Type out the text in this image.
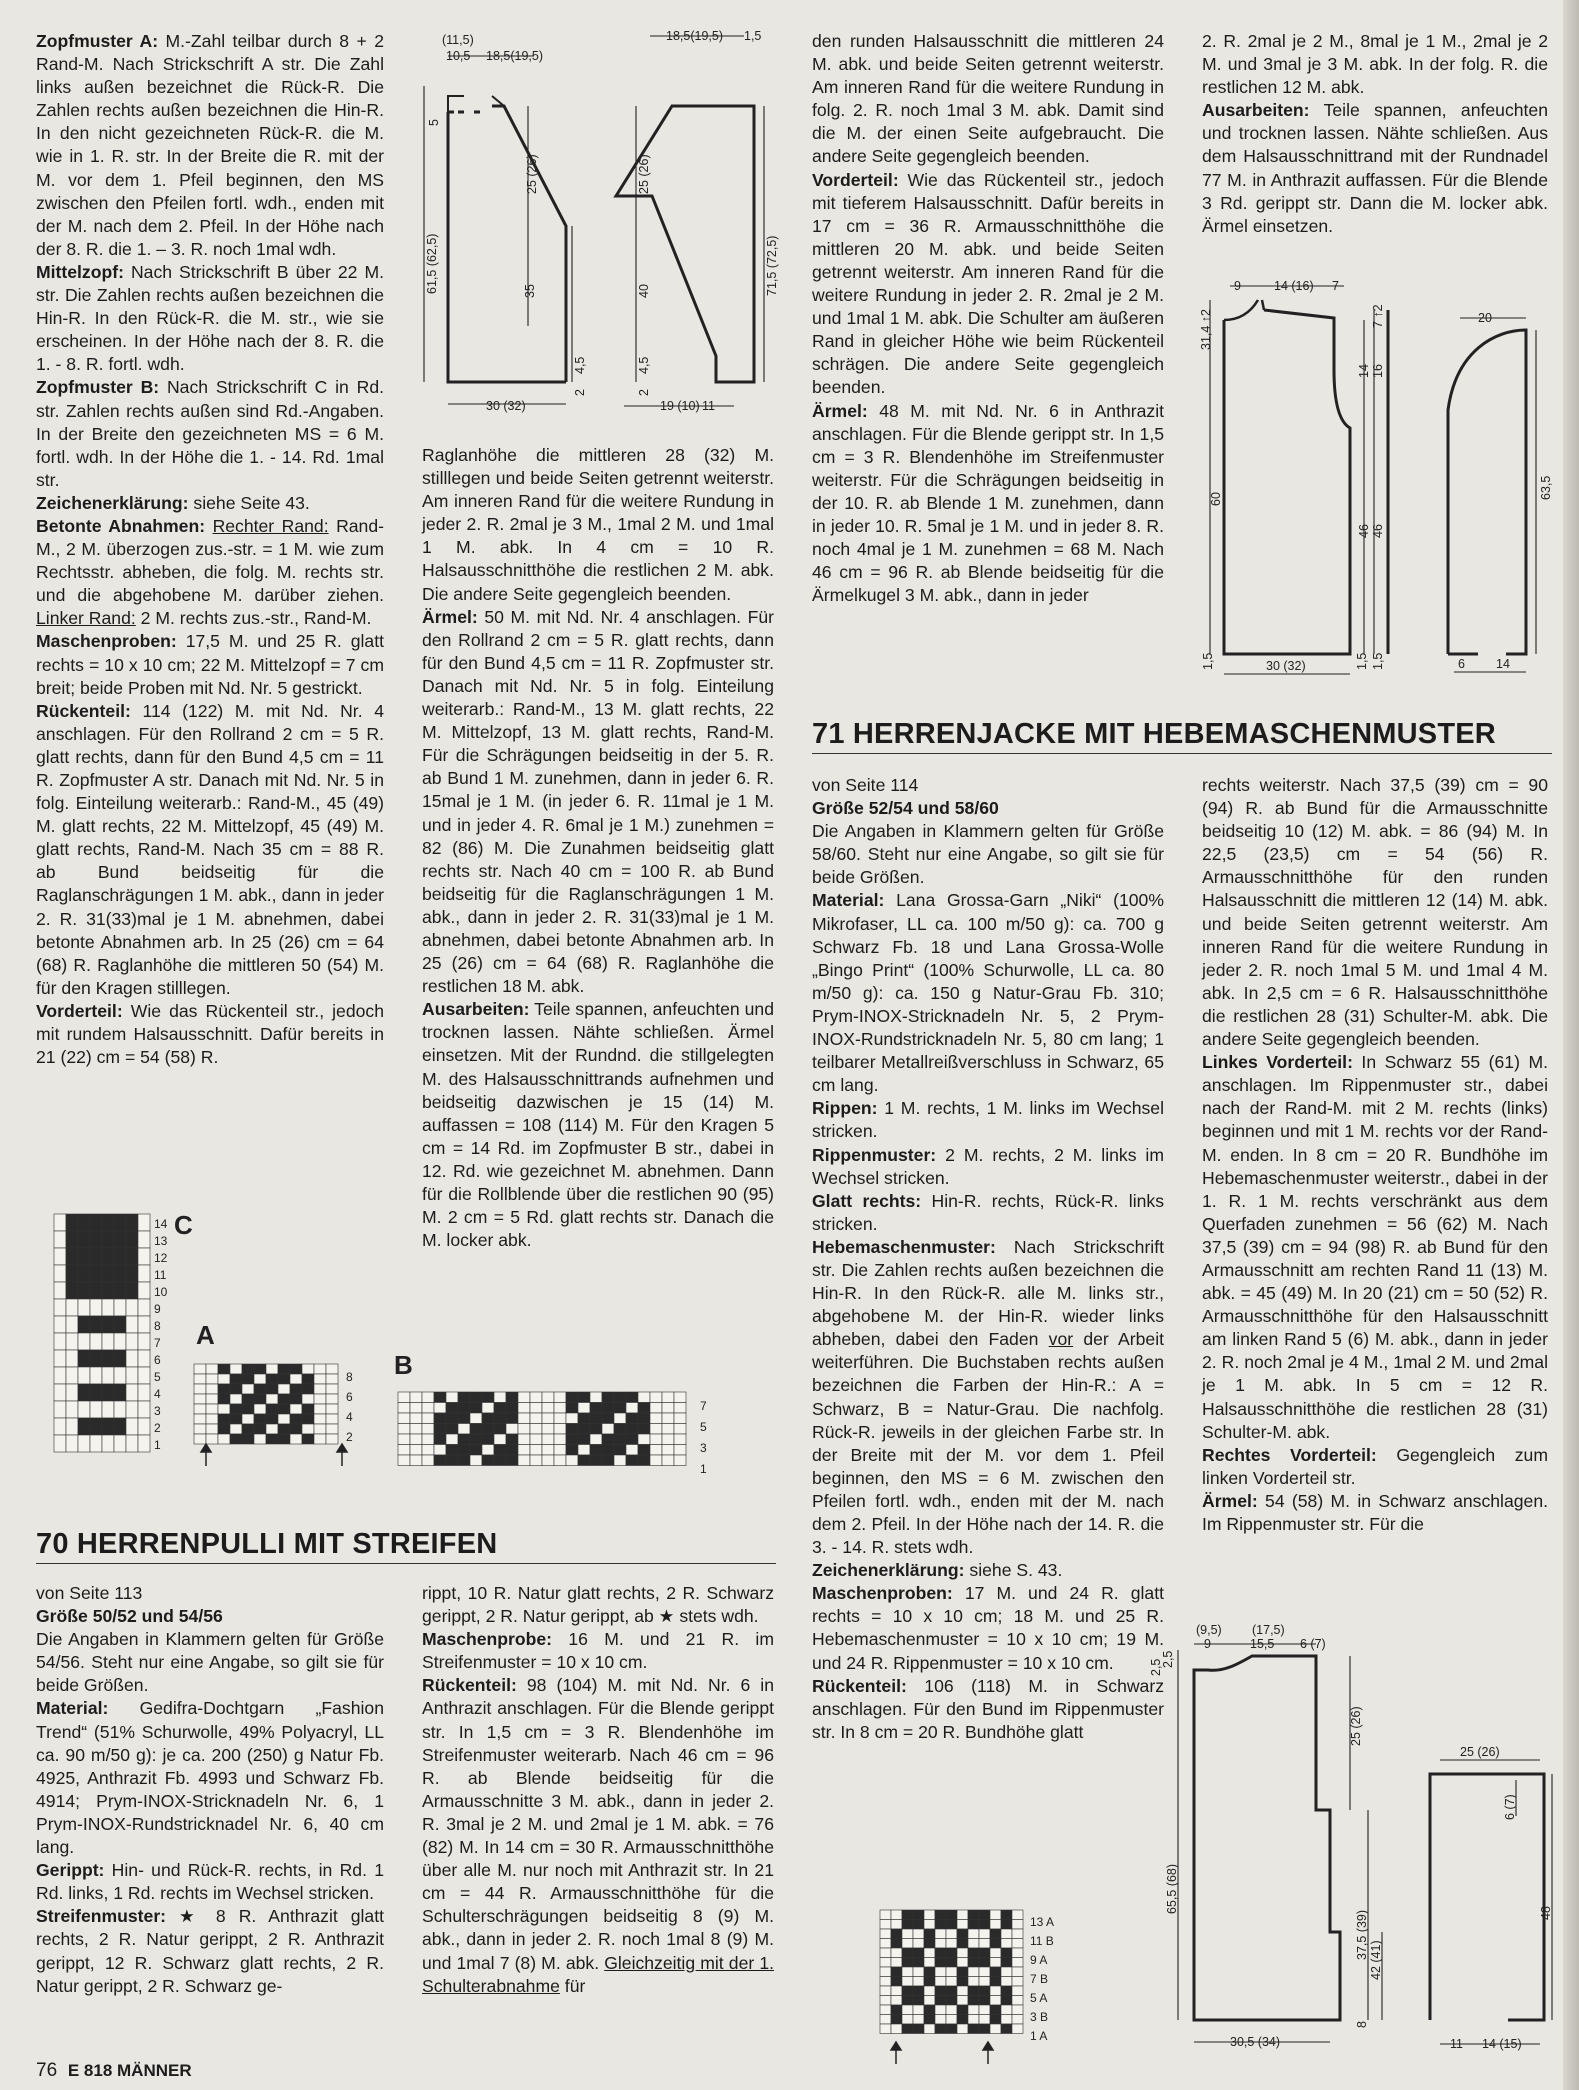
Zopfmuster A: M.-Zahl teilbar durch 8 + 2 Rand-M. Nach Strickschrift A str. Die Zahl links außen bezeichnet die Rück-R. Die Zahlen rechts außen bezeichnen die Hin-R. In den nicht gezeichneten Rück-R. die M. wie in 1. R. str. In der Breite die R. mit der M. vor dem 1. Pfeil beginnen, den MS zwischen den Pfeilen fortl. wdh., enden mit der M. nach dem 2. Pfeil. In der Höhe nach der 8. R. die 1. – 3. R. noch 1mal wdh.

Mittelzopf: Nach Strickschrift B über 22 M. str. Die Zahlen rechts außen bezeichnen die Hin-R. In den Rück-R. die M. str., wie sie erscheinen. In der Höhe nach der 8. R. die 1. - 8. R. fortl. wdh.

Zopfmuster B: Nach Strickschrift C in Rd. str. Zahlen rechts außen sind Rd.-Angaben. In der Breite den gezeichneten MS = 6 M. fortl. wdh. In der Höhe die 1. - 14. Rd. 1mal str.

Zeichenerklärung: siehe Seite 43.

Betonte Abnahmen: Rechter Rand: Rand-M., 2 M. überzogen zus.-str. = 1 M. wie zum Rechtsstr. abheben, die folg. M. rechts str. und die abgehobene M. darüber ziehen. Linker Rand: 2 M. rechts zus.-str., Rand-M.

Maschenproben: 17,5 M. und 25 R. glatt rechts = 10 x 10 cm; 22 M. Mittelzopf = 7 cm breit; beide Proben mit Nd. Nr. 5 gestrickt.

Rückenteil: 114 (122) M. mit Nd. Nr. 4 anschlagen. Für den Rollrand 2 cm = 5 R. glatt rechts, dann für den Bund 4,5 cm = 11 R. Zopfmuster A str. Danach mit Nd. Nr. 5 in folg. Einteilung weiterarb.: Rand-M., 45 (49) M. glatt rechts, 22 M. Mittelzopf, 45 (49) M. glatt rechts, Rand-M. Nach 35 cm = 88 R. ab Bund beidseitig für die Raglanschrägungen 1 M. abk., dann in jeder 2. R. 31(33)mal je 1 M. abnehmen, dabei betonte Abnahmen arb. In 25 (26) cm = 64 (68) R. Raglanhöhe die mittleren 50 (54) M. für den Kragen stilllegen.

Vorderteil: Wie das Rückenteil str., jedoch mit rundem Halsausschnitt. Dafür bereits in 21 (22) cm = 54 (58) R.

(11,5)
10,5 18,5(19,5)
18,5(19,5) 1,5
5
25 (26)	25 (26)
61,5 (62,5)	35	40	71,5 (72,5)
4,5
2
4,5
2
30 (32)	19 (10) 11

Raglanhöhe die mittleren 28 (32) M. stilllegen und beide Seiten getrennt weiterstr. Am inneren Rand für die weitere Rundung in jeder 2. R. 2mal je 3 M., 1mal 2 M. und 1mal 1 M. abk. In 4 cm = 10 R. Halsausschnitthöhe die restlichen 2 M. abk. Die andere Seite gegengleich beenden.

Ärmel: 50 M. mit Nd. Nr. 4 anschlagen. Für den Rollrand 2 cm = 5 R. glatt rechts, dann für den Bund 4,5 cm = 11 R. Zopfmuster str. Danach mit Nd. Nr. 5 in folg. Einteilung weiterarb.: Rand-M., 13 M. glatt rechts, 22 M. Mittelzopf, 13 M. glatt rechts, Rand-M. Für die Schrägungen beidseitig in der 5. R. ab Bund 1 M. zunehmen, dann in jeder 6. R. 15mal je 1 M. (in jeder 6. R. 11mal je 1 M. und in jeder 4. R. 6mal je 1 M.) zunehmen = 82 (86) M. Die Zunahmen beidseitig glatt rechts str. Nach 40 cm = 100 R. ab Bund beidseitig für die Raglanschrägungen 1 M. abk., dann in jeder 2. R. 31(33)mal je 1 M. abnehmen, dabei betonte Abnahmen arb. In 25 (26) cm = 64 (68) R. Raglanhöhe die restlichen 18 M. abk.

Ausarbeiten: Teile spannen, anfeuchten und trocknen lassen. Nähte schließen. Ärmel einsetzen. Mit der Rundnd. die stillgelegten M. des Halsausschnittrands aufnehmen und beidseitig dazwischen je 15 (14) M. auffassen = 108 (114) M. Für den Kragen 5 cm = 14 Rd. im Zopfmuster B str., dabei in 12. Rd. wie gezeichnet M. abnehmen. Dann für die Rollblende über die restlichen 90 (95) M. 2 cm = 5 Rd. glatt rechts str. Danach die M. locker abk.

C
A
B
14
13
12
11
10
9
8
7
6
5
4
3
2
1
8
6
4
2
7
5
3
1
70 HERRENPULLI MIT STREIFEN

von Seite 113

Größe 50/52 und 54/56

Die Angaben in Klammern gelten für Größe 54/56. Steht nur eine Angabe, so gilt sie für beide Größen.

Material: Gedifra-Dochtgarn „Fashion Trend“ (51% Schurwolle, 49% Polyacryl, LL ca. 90 m/50 g): je ca. 200 (250) g Natur Fb. 4925, Anthrazit Fb. 4993 und Schwarz Fb. 4914; Prym-INOX-Stricknadeln Nr. 6, 1 Prym-INOX-Rundstricknadel Nr. 6, 40 cm lang.

Gerippt: Hin- und Rück-R. rechts, in Rd. 1 Rd. links, 1 Rd. rechts im Wechsel stricken.

Streifenmuster: ★ 8 R. Anthrazit glatt rechts, 2 R. Natur gerippt, 2 R. Anthrazit gerippt, 12 R. Schwarz glatt rechts, 2 R. Natur gerippt, 2 R. Schwarz ge-

rippt, 10 R. Natur glatt rechts, 2 R. Schwarz gerippt, 2 R. Natur gerippt, ab ★ stets wdh.

Maschenprobe: 16 M. und 21 R. im Streifenmuster = 10 x 10 cm.

Rückenteil: 98 (104) M. mit Nd. Nr. 6 in Anthrazit anschlagen. Für die Blende gerippt str. In 1,5 cm = 3 R. Blendenhöhe im Streifenmuster weiterarb. Nach 46 cm = 96 R. ab Blende beidseitig für die Armausschnitte 3 M. abk., dann in jeder 2. R. 3mal je 2 M. und 2mal je 1 M. abk. = 76 (82) M. In 14 cm = 30 R. Armausschnitthöhe über alle M. nur noch mit Anthrazit str. In 21 cm = 44 R. Armausschnitthöhe für die Schulterschrägungen beidseitig 8 (9) M. abk., dann in jeder 2. R. noch 1mal 8 (9) M. und 1mal 7 (8) M. abk. Gleichzeitig mit der 1. Schulterabnahme für

den runden Halsausschnitt die mittleren 24 M. abk. und beide Seiten getrennt weiterstr. Am inneren Rand für die weitere Rundung in folg. 2. R. noch 1mal 3 M. abk. Damit sind die M. der einen Seite aufgebraucht. Die andere Seite gegengleich beenden.

Vorderteil: Wie das Rückenteil str., jedoch mit tieferem Halsausschnitt. Dafür bereits in 17 cm = 36 R. Armausschnitthöhe die mittleren 20 M. abk. und beide Seiten getrennt weiterstr. Am inneren Rand für die weitere Rundung in jeder 2. R. 2mal je 2 M. und 1mal 1 M. abk. Die Schulter am äußeren Rand in gleicher Höhe wie beim Rückenteil schrägen. Die andere Seite gegengleich beenden.

Ärmel: 48 M. mit Nd. Nr. 6 in Anthrazit anschlagen. Für die Blende gerippt str. In 1,5 cm = 3 R. Blendenhöhe im Streifenmuster weiterstr. Für die Schrägungen beidseitig in der 10. R. ab Blende 1 M. zunehmen, dann in jeder 10. R. 5mal je 1 M. und in jeder 8. R. noch 4mal je 1 M. zunehmen = 68 M. Nach 46 cm = 96 R. ab Blende beidseitig für die Ärmelkugel 3 M. abk., dann in jeder

2. R. 2mal je 2 M., 8mal je 1 M., 2mal je 2 M. und 3mal je 3 M. abk. In der folg. R. die restlichen 12 M. abk.

Ausarbeiten: Teile spannen, anfeuchten und trocknen lassen. Nähte schließen. Aus dem Halsausschnittrand mit der Rundnadel 77 M. in Anthrazit auffassen. Für die Blende 3 Rd. gerippt str. Dann die M. locker abk. Ärmel einsetzen.

9	14 (16) 7
31,4 ↑2
14
7 ↑2
16
20
60
46 46
63,5
1,5	30 (32)	1,5 1,5	6 14
71 HERRENJACKE MIT HEBEMASCHENMUSTER

von Seite 114

Größe 52/54 und 58/60

Die Angaben in Klammern gelten für Größe 58/60. Steht nur eine Angabe, so gilt sie für beide Größen.

Material: Lana Grossa-Garn „Niki“ (100% Mikrofaser, LL ca. 100 m/50 g): ca. 700 g Schwarz Fb. 18 und Lana Grossa-Wolle „Bingo Print“ (100% Schurwolle, LL ca. 80 m/50 g): ca. 150 g Natur-Grau Fb. 310; Prym-INOX-Stricknadeln Nr. 5, 2 Prym-INOX-Rundstricknadeln Nr. 5, 80 cm lang; 1 teilbarer Metallreißverschluss in Schwarz, 65 cm lang.

Rippen: 1 M. rechts, 1 M. links im Wechsel stricken.

Rippenmuster: 2 M. rechts, 2 M. links im Wechsel stricken.

Glatt rechts: Hin-R. rechts, Rück-R. links stricken.

Hebemaschenmuster: Nach Strickschrift str. Die Zahlen rechts außen bezeichnen die Hin-R. In den Rück-R. alle M. links str., abgehobene M. der Hin-R. wieder links abheben, dabei den Faden vor der Arbeit weiterführen. Die Buchstaben rechts außen bezeichnen die Farben der Hin-R.: A = Schwarz, B = Natur-Grau. Die nachfolg. Rück-R. jeweils in der gleichen Farbe str. In der Breite mit der M. vor dem 1. Pfeil beginnen, den MS = 6 M. zwischen den Pfeilen fortl. wdh., enden mit der M. nach dem 2. Pfeil. In der Höhe nach der 14. R. die 3. - 14. R. stets wdh.

Zeichenerklärung: siehe S. 43.

Maschenproben: 17 M. und 24 R. glatt rechts = 10 x 10 cm; 18 M. und 25 R. Hebemaschenmuster = 10 x 10 cm; 19 M. und 24 R. Rippenmuster = 10 x 10 cm.

Rückenteil: 106 (118) M. in Schwarz anschlagen. Für den Bund im Rippenmuster str. In 8 cm = 20 R. Bundhöhe glatt

rechts weiterstr. Nach 37,5 (39) cm = 90 (94) R. ab Bund für die Armausschnitte beidseitig 10 (12) M. abk. = 86 (94) M. In 22,5 (23,5) cm = 54 (56) R. Armausschnitthöhe für den runden Halsausschnitt die mittleren 12 (14) M. abk. und beide Seiten getrennt weiterstr. Am inneren Rand für die weitere Rundung in jeder 2. R. noch 1mal 5 M. und 1mal 4 M. abk. In 2,5 cm = 6 R. Halsausschnitthöhe die restlichen 28 (31) Schulter-M. abk. Die andere Seite gegengleich beenden.

Linkes Vorderteil: In Schwarz 55 (61) M. anschlagen. Im Rippenmuster str., dabei nach der Rand-M. mit 2 M. rechts (links) beginnen und mit 1 M. rechts vor der Rand-M. enden. In 8 cm = 20 R. Bundhöhe im Hebemaschenmuster weiterstr., dabei in der 1. R. 1 M. rechts verschränkt aus dem Querfaden zunehmen = 56 (62) M. Nach 37,5 (39) cm = 94 (98) R. ab Bund für den Armausschnitt am rechten Rand 11 (13) M. abk. = 45 (49) M. In 20 (21) cm = 50 (52) R. Armausschnitthöhe für den Halsausschnitt am linken Rand 5 (6) M. abk., dann in jeder 2. R. noch 2mal je 4 M., 1mal 2 M. und 2mal je 1 M. abk. In 5 cm = 12 R. Halsausschnitthöhe die restlichen 28 (31) Schulter-M. abk.

Rechtes Vorderteil: Gegengleich zum linken Vorderteil str.

Ärmel: 54 (58) M. in Schwarz anschlagen. Im Rippenmuster str. Für die

13 A
11 B
9 A
7 B
5 A
3 B
1 A
(9,5) (17,5)
9	15,5 6 (7)
2,5
2,5
25 (26)
65,5 (68)
37,5 (39)
42 (41)
8
25 (26)
6 (7)
48
30,5 (34)	11 14 (15)
76 E 818 MÄNNER
